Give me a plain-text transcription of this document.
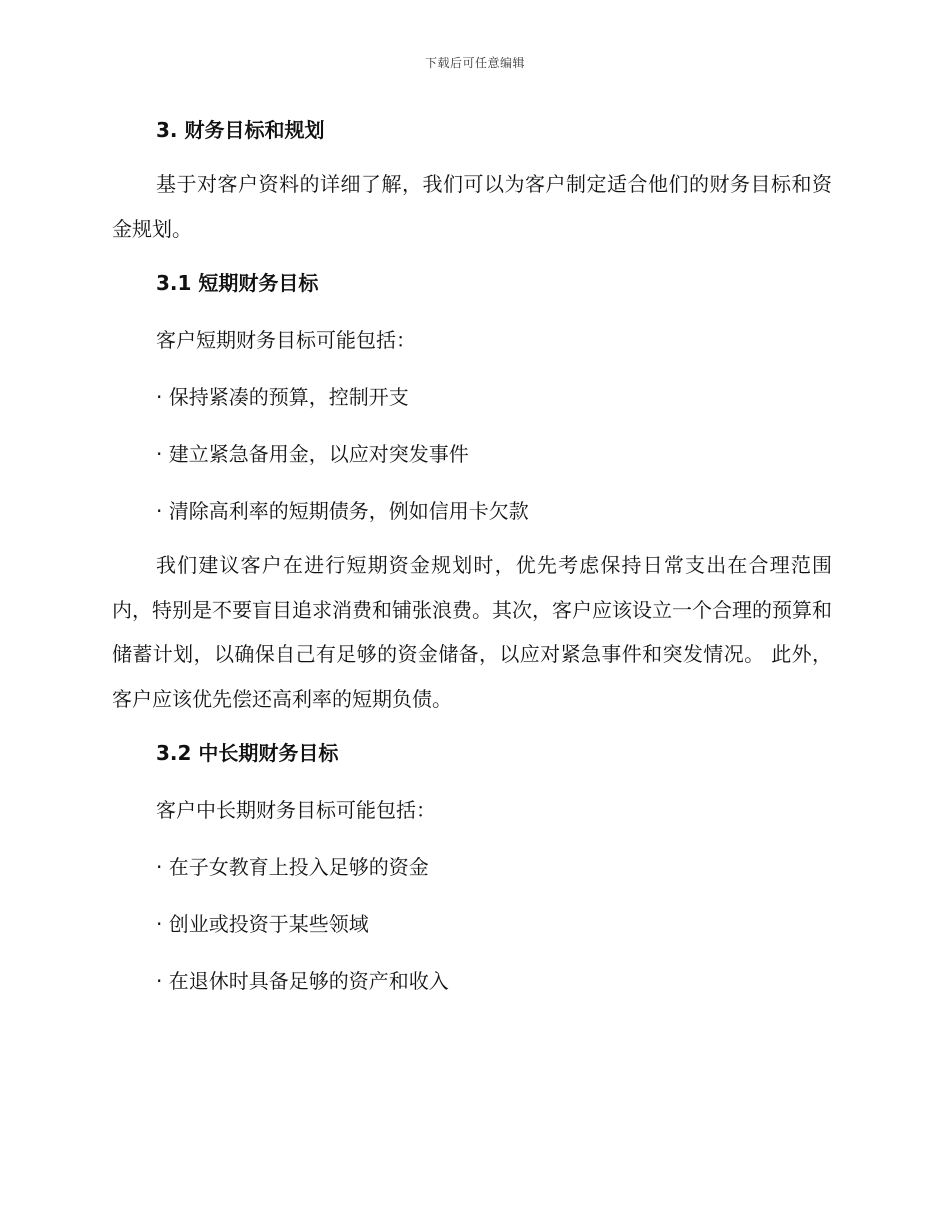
下载后可任意编辑
3. 财务目标和规划

基于对客户资料的详细了解，我们可以为客户制定适合他们的财务目标和资金规划。

3.1 短期财务目标

客户短期财务目标可能包括：

· 保持紧凑的预算，控制开支

· 建立紧急备用金，以应对突发事件

· 清除高利率的短期债务，例如信用卡欠款

我们建议客户在进行短期资金规划时，优先考虑保持日常支出在合理范围内，特别是不要盲目追求消费和铺张浪费。其次，客户应该设立一个合理的预算和储蓄计划，以确保自己有足够的资金储备，以应对紧急事件和突发情况。 此外，客户应该优先偿还高利率的短期负债。

3.2 中长期财务目标

客户中长期财务目标可能包括：

· 在子女教育上投入足够的资金

· 创业或投资于某些领域

· 在退休时具备足够的资产和收入
